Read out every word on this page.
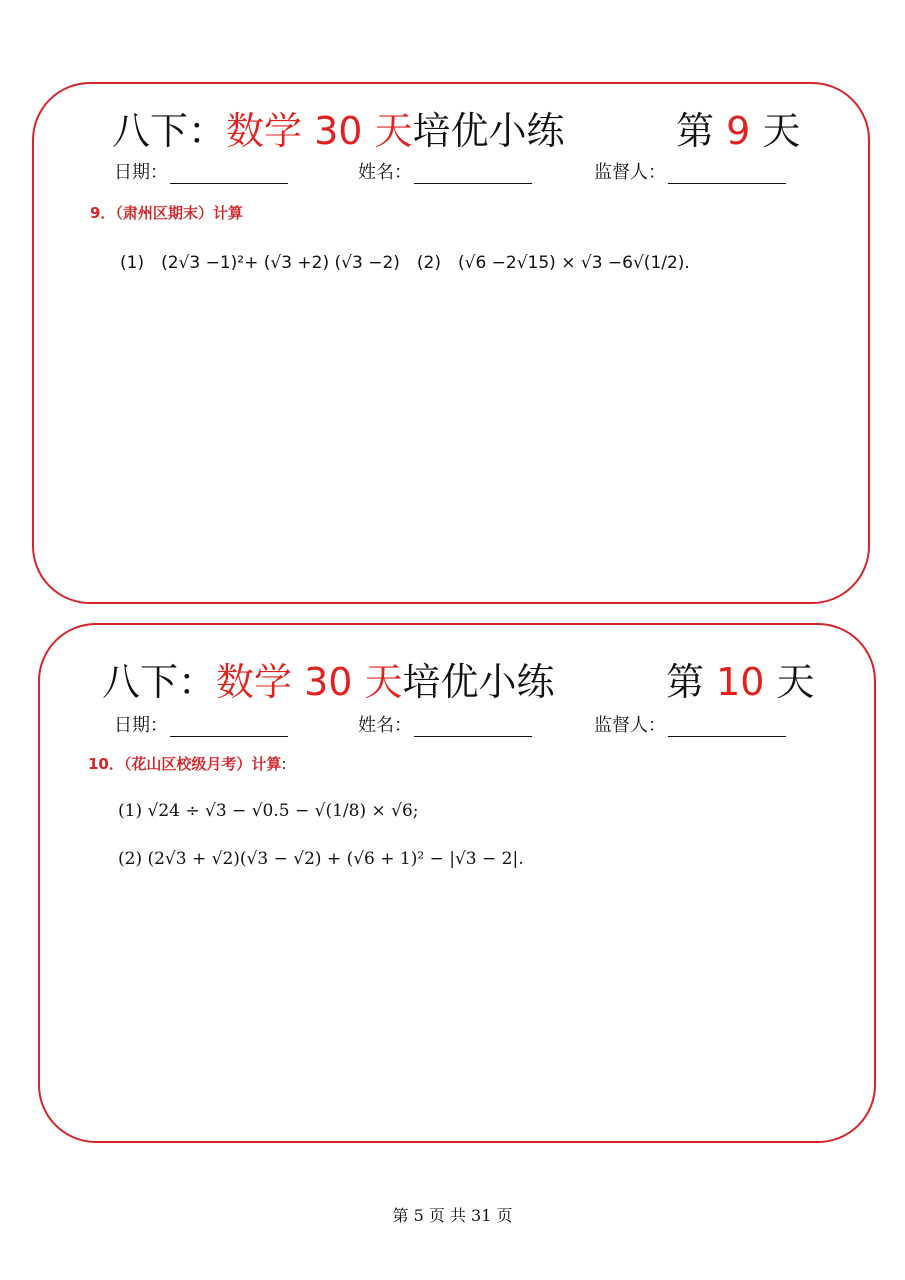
八下：数学 30 天培优小练	第 9 天
日期：	姓名：	监督人：
9．（肃州区期末）计算
(1)　(2√3 −1)²+ (√3 +2) (√3 −2)　(2)　(√6 −2√15) × √3 −6√(1/2).
八下：数学 30 天培优小练	第 10 天
日期：	姓名：	监督人：
10．（花山区校级月考）计算:
(1) √24 ÷ √3 − √0.5 − √(1/8) × √6;
(2) (2√3 + √2)(√3 − √2) + (√6 + 1)² − |√3 − 2|.
第 5 页 共 31 页
